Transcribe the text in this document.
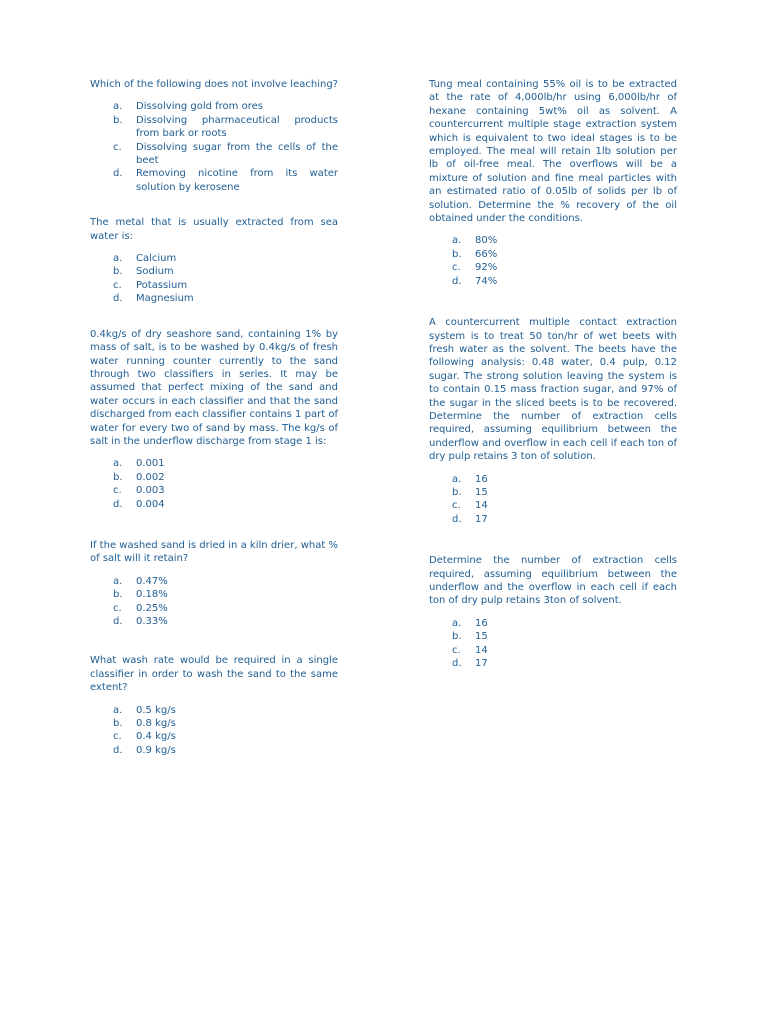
Which of the following does not involve leaching?

a.	Dissolving gold from ores
b.	Dissolving pharmaceutical products from bark or roots
c.	Dissolving sugar from the cells of the beet
d.	Removing nicotine from its water solution by kerosene

The metal that is usually extracted from sea water is:

a.	Calcium
b.	Sodium
c.	Potassium
d.	Magnesium

0.4kg/s of dry seashore sand, containing 1% by mass of salt, is to be washed by 0.4kg/s of fresh water running counter currently to the sand through two classifiers in series. It may be assumed that perfect mixing of the sand and water occurs in each classifier and that the sand discharged from each classifier contains 1 part of water for every two of sand by mass. The kg/s of salt in the underflow discharge from stage 1 is:

a.	0.001
b.	0.002
c.	0.003
d.	0.004

If the washed sand is dried in a kiln drier, what % of salt will it retain?

a.	0.47%
b.	0.18%
c.	0.25%
d.	0.33%

What wash rate would be required in a single classifier in order to wash the sand to the same extent?

a.	0.5 kg/s
b.	0.8 kg/s
c.	0.4 kg/s
d.	0.9 kg/s

Tung meal containing 55% oil is to be extracted at the rate of 4,000lb/hr using 6,000lb/hr of hexane containing 5wt% oil as solvent. A countercurrent multiple stage extraction system which is equivalent to two ideal stages is to be employed. The meal will retain 1lb solution per lb of oil-free meal. The overflows will be a mixture of solution and fine meal particles with an estimated ratio of 0.05lb of solids per lb of solution. Determine the % recovery of the oil obtained under the conditions.

a.	80%
b.	66%
c.	92%
d.	74%

A countercurrent multiple contact extraction system is to treat 50 ton/hr of wet beets with fresh water as the solvent. The beets have the following analysis: 0.48 water, 0.4 pulp, 0.12 sugar. The strong solution leaving the system is to contain 0.15 mass fraction sugar, and 97% of the sugar in the sliced beets is to be recovered. Determine the number of extraction cells required, assuming equilibrium between the underflow and overflow in each cell if each ton of dry pulp retains 3 ton of solution.

a.	16
b.	15
c.	14
d.	17

Determine the number of extraction cells required, assuming equilibrium between the underflow and the overflow in each cell if each ton of dry pulp retains 3ton of solvent.

a.	16
b.	15
c.	14
d.	17
